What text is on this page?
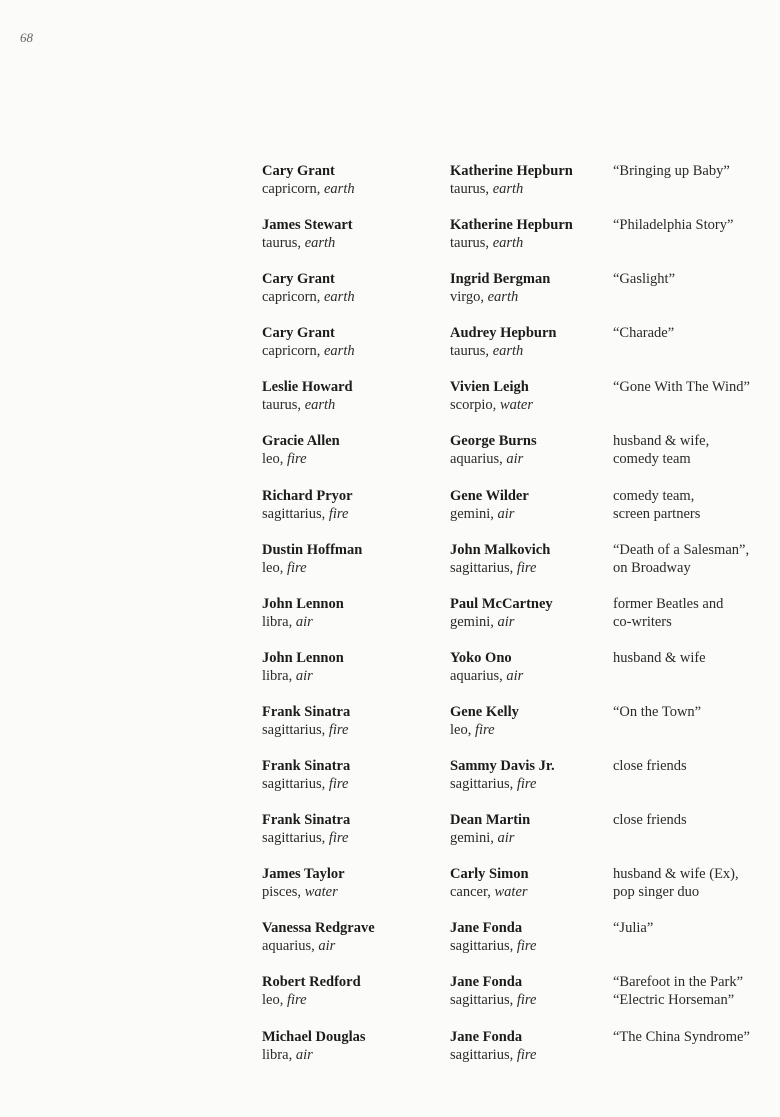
68
Cary Grant
capricorn, earth
Katherine Hepburn
taurus, earth
“Bringing up Baby”
James Stewart
taurus, earth
Katherine Hepburn
taurus, earth
“Philadelphia Story”
Cary Grant
capricorn, earth
Ingrid Bergman
virgo, earth
“Gaslight”
Cary Grant
capricorn, earth
Audrey Hepburn
taurus, earth
“Charade”
Leslie Howard
taurus, earth
Vivien Leigh
scorpio, water
“Gone With The Wind”
Gracie Allen
leo, fire
George Burns
aquarius, air
husband & wife,
comedy team
Richard Pryor
sagittarius, fire
Gene Wilder
gemini, air
comedy team,
screen partners
Dustin Hoffman
leo, fire
John Malkovich
sagittarius, fire
“Death of a Salesman”,
on Broadway
John Lennon
libra, air
Paul McCartney
gemini, air
former Beatles and
co-writers
John Lennon
libra, air
Yoko Ono
aquarius, air
husband & wife
Frank Sinatra
sagittarius, fire
Gene Kelly
leo, fire
“On the Town”
Frank Sinatra
sagittarius, fire
Sammy Davis Jr.
sagittarius, fire
close friends
Frank Sinatra
sagittarius, fire
Dean Martin
gemini, air
close friends
James Taylor
pisces, water
Carly Simon
cancer, water
husband & wife (Ex),
pop singer duo
Vanessa Redgrave
aquarius, air
Jane Fonda
sagittarius, fire
“Julia”
Robert Redford
leo, fire
Jane Fonda
sagittarius, fire
“Barefoot in the Park”
“Electric Horseman”
Michael Douglas
libra, air
Jane Fonda
sagittarius, fire
“The China Syndrome”
